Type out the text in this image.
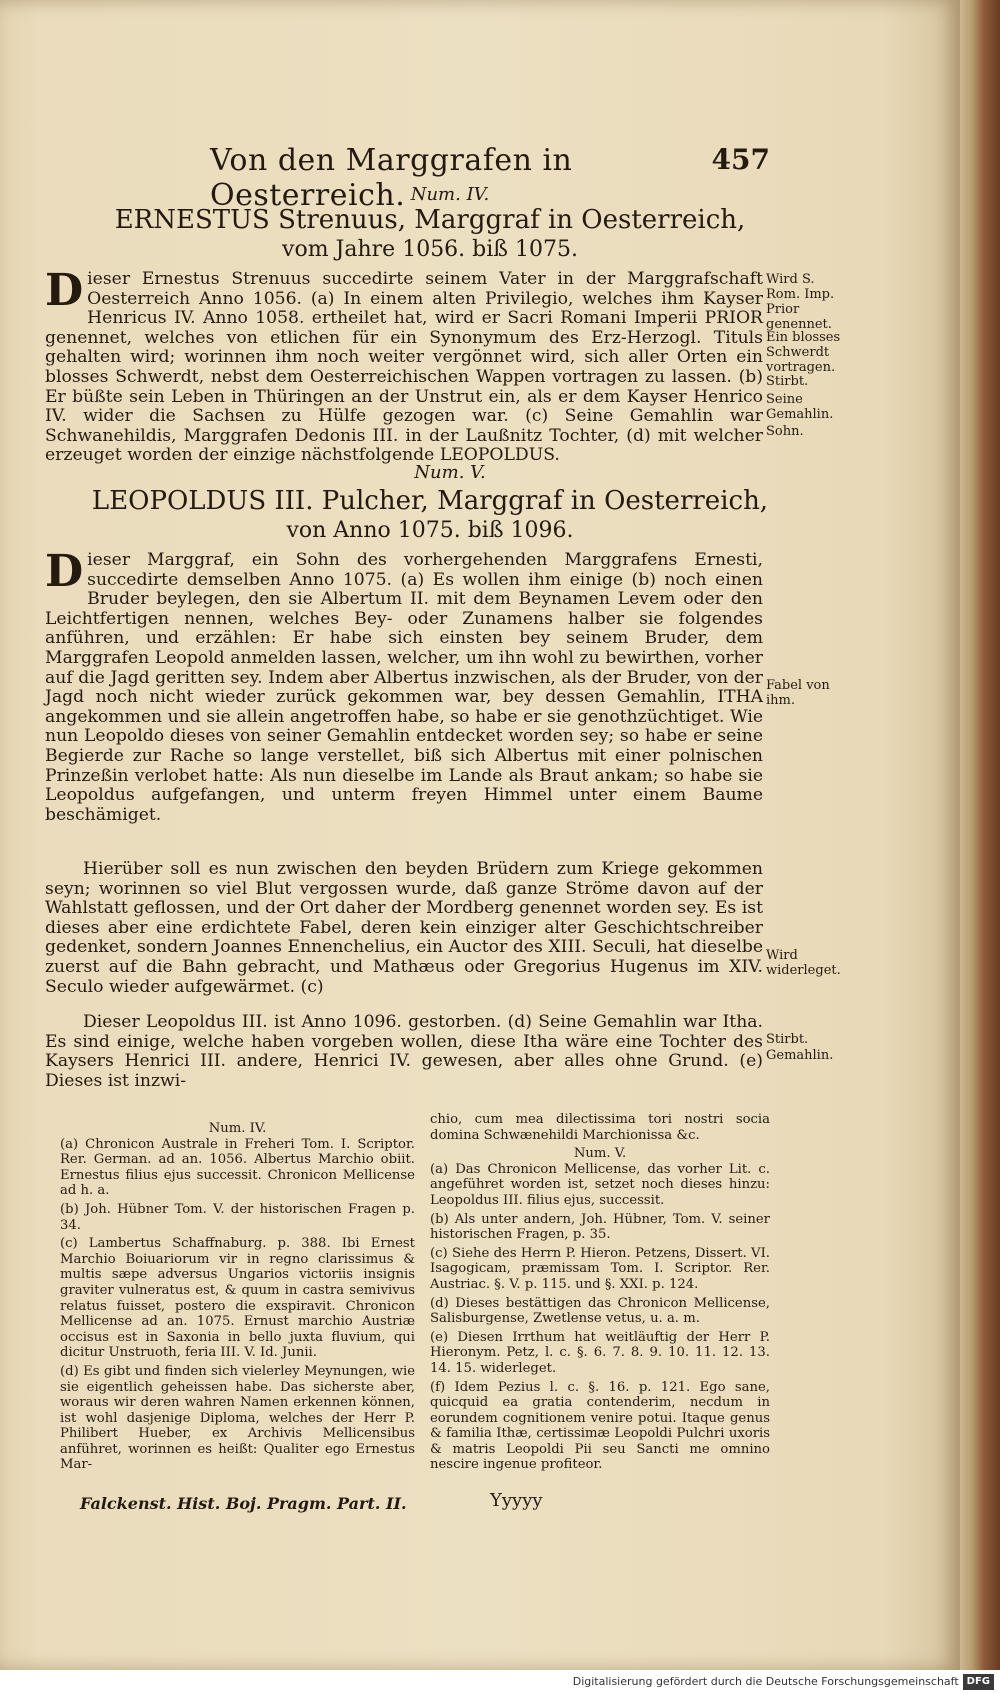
Von den Marggrafen in Oesterreich.
457
Num. IV.
ERNESTUS Strenuus, Marggraf in Oesterreich,
vom Jahre 1056. biß 1075.

Dieser Ernestus Strenuus succedirte seinem Vater in der Marggrafschaft Oesterreich Anno 1056. (a) In einem alten Privilegio, welches ihm Kayser Henricus IV. Anno 1058. ertheilet hat, wird er Sacri Romani Imperii PRIOR genennet, welches von etlichen für ein Synonymum des Erz-Herzogl. Tituls gehalten wird; worinnen ihm noch weiter vergönnet wird, sich aller Orten ein blosses Schwerdt, nebst dem Oesterreichischen Wappen vortragen zu lassen. (b) Er büßte sein Leben in Thüringen an der Unstrut ein, als er dem Kayser Henrico IV. wider die Sachsen zu Hülfe gezogen war. (c) Seine Gemahlin war Schwanehildis, Marggrafen Dedonis III. in der Laußnitz Tochter, (d) mit welcher erzeuget worden der einzige nächstfolgende LEOPOLDUS.

Wird S. Rom. Imp. Prior genennet.
Ein blosses Schwerdt vortragen.
Stirbt.
Seine Gemahlin.
Sohn.
Num. V.
LEOPOLDUS III. Pulcher, Marggraf in Oesterreich,
von Anno 1075. biß 1096.

Dieser Marggraf, ein Sohn des vorhergehenden Marggrafens Ernesti, succedirte demselben Anno 1075. (a) Es wollen ihm einige (b) noch einen Bruder beylegen, den sie Albertum II. mit dem Beynamen Levem oder den Leichtfertigen nennen, welches Bey- oder Zunamens halber sie folgendes anführen, und erzählen: Er habe sich einsten bey seinem Bruder, dem Marggrafen Leopold anmelden lassen, welcher, um ihn wohl zu bewirthen, vorher auf die Jagd geritten sey. Indem aber Albertus inzwischen, als der Bruder, von der Jagd noch nicht wieder zurück gekommen war, bey dessen Gemahlin, ITHA angekommen und sie allein angetroffen habe, so habe er sie genothzüchtiget. Wie nun Leopoldo dieses von seiner Gemahlin entdecket worden sey; so habe er seine Begierde zur Rache so lange verstellet, biß sich Albertus mit einer polnischen Prinzeßin verlobet hatte: Als nun dieselbe im Lande als Braut ankam; so habe sie Leopoldus aufgefangen, und unterm freyen Himmel unter einem Baume beschämiget.

Hierüber soll es nun zwischen den beyden Brüdern zum Kriege gekommen seyn; worinnen so viel Blut vergossen wurde, daß ganze Ströme davon auf der Wahlstatt geflossen, und der Ort daher der Mordberg genennet worden sey. Es ist dieses aber eine erdichtete Fabel, deren kein einziger alter Geschichtschreiber gedenket, sondern Joannes Ennenchelius, ein Auctor des XIII. Seculi, hat dieselbe zuerst auf die Bahn gebracht, und Mathæus oder Gregorius Hugenus im XIV. Seculo wieder aufgewärmet. (c)

Dieser Leopoldus III. ist Anno 1096. gestorben. (d) Seine Gemahlin war Itha. Es sind einige, welche haben vorgeben wollen, diese Itha wäre eine Tochter des Kaysers Henrici III. andere, Henrici IV. gewesen, aber alles ohne Grund. (e) Dieses ist inzwi-

Fabel von ihm.
Wird widerleget.
Stirbt.
Gemahlin.

Num. IV.

(a) Chronicon Australe in Freheri Tom. I. Scriptor. Rer. German. ad an. 1056. Albertus Marchio obiit. Ernestus filius ejus successit. Chronicon Mellicense ad h. a.

(b) Joh. Hübner Tom. V. der historischen Fragen p. 34.

(c) Lambertus Schaffnaburg. p. 388. Ibi Ernest Marchio Boiuariorum vir in regno clarissimus & multis sæpe adversus Ungarios victoriis insignis graviter vulneratus est, & quum in castra semivivus relatus fuisset, postero die exspiravit. Chronicon Mellicense ad an. 1075. Ernust marchio Austriæ occisus est in Saxonia in bello juxta fluvium, qui dicitur Unstruoth, feria III. V. Id. Junii.

(d) Es gibt und finden sich vielerley Meynungen, wie sie eigentlich geheissen habe. Das sicherste aber, woraus wir deren wahren Namen erkennen können, ist wohl dasjenige Diploma, welches der Herr P. Philibert Hueber, ex Archivis Mellicensibus anführet, worinnen es heißt: Qualiter ego Ernestus Mar-

chio, cum mea dilectissima tori nostri socia domina Schwænehildi Marchionissa &c.

Num. V.

(a) Das Chronicon Mellicense, das vorher Lit. c. angeführet worden ist, setzet noch dieses hinzu: Leopoldus III. filius ejus, successit.

(b) Als unter andern, Joh. Hübner, Tom. V. seiner historischen Fragen, p. 35.

(c) Siehe des Herrn P. Hieron. Petzens, Dissert. VI. Isagogicam, præmissam Tom. I. Scriptor. Rer. Austriac. §. V. p. 115. und §. XXI. p. 124.

(d) Dieses bestättigen das Chronicon Mellicense, Salisburgense, Zwetlense vetus, u. a. m.

(e) Diesen Irrthum hat weitläuftig der Herr P. Hieronym. Petz, l. c. §. 6. 7. 8. 9. 10. 11. 12. 13. 14. 15. widerleget.

(f) Idem Pezius l. c. §. 16. p. 121. Ego sane, quicquid ea gratia contenderim, necdum in eorundem cognitionem venire potui. Itaque genus & familia Ithæ, certissimæ Leopoldi Pulchri uxoris & matris Leopoldi Pii seu Sancti me omnino nescire ingenue profiteor.

Falckenst. Hist. Boj. Pragm. Part. II.	Yyyyy
Digitalisierung gefördert durch die Deutsche Forschungsgemeinschaft DFG
